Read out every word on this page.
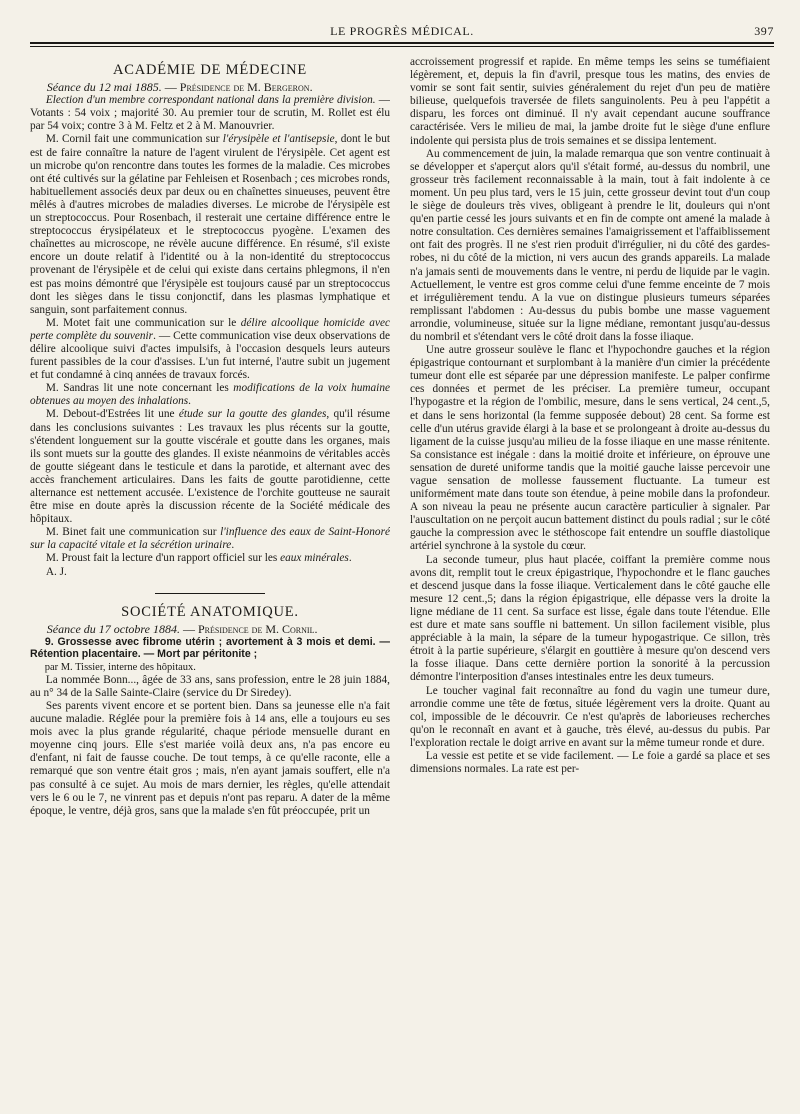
LE PROGRÈS MÉDICAL.	397
ACADÉMIE DE MÉDECINE

Séance du 12 mai 1885. — Présidence de M. Bergeron.

Election d'un membre correspondant national dans la première division. — Votants : 54 voix ; majorité 30. Au premier tour de scrutin, M. Rollet est élu par 54 voix; contre 3 à M. Feltz et 2 à M. Manouvrier.

M. Cornil fait une communication sur l'érysipèle et l'antisepsie, dont le but est de faire connaître la nature de l'agent virulent de l'érysipèle. Cet agent est un microbe qu'on rencontre dans toutes les formes de la maladie. Ces microbes ont été cultivés sur la gélatine par Fehleisen et Rosenbach ; ces microbes ronds, habituellement associés deux par deux ou en chaînettes sinueuses, peuvent être mêlés à d'autres microbes de maladies diverses. Le microbe de l'érysipèle est un streptococcus. Pour Rosenbach, il resterait une certaine différence entre le streptococcus érysipélateux et le streptococcus pyogène. L'examen des chaînettes au microscope, ne révèle aucune différence. En résumé, s'il existe encore un doute relatif à l'identité ou à la non-identité du streptococcus provenant de l'érysipèle et de celui qui existe dans certains phlegmons, il n'en est pas moins démontré que l'érysipèle est toujours causé par un streptococcus dont les sièges dans le tissu conjonctif, dans les plasmas lymphatique et sanguin, sont parfaitement connus.

M. Motet fait une communication sur le délire alcoolique homicide avec perte complète du souvenir. — Cette communication vise deux observations de délire alcoolique suivi d'actes impulsifs, à l'occasion desquels leurs auteurs furent passibles de la cour d'assises. L'un fut interné, l'autre subit un jugement et fut condamné à cinq années de travaux forcés.

M. Sandras lit une note concernant les modifications de la voix humaine obtenues au moyen des inhalations.

M. Debout-d'Estrées lit une étude sur la goutte des glandes, qu'il résume dans les conclusions suivantes : Les travaux les plus récents sur la goutte, s'étendent longuement sur la goutte viscérale et goutte dans les organes, mais ils sont muets sur la goutte des glandes. Il existe néanmoins de véritables accès de goutte siégeant dans le testicule et dans la parotide, et alternant avec des accès franchement articulaires. Dans les faits de goutte parotidienne, cette alternance est nettement accusée. L'existence de l'orchite goutteuse ne saurait être mise en doute après la discussion récente de la Société médicale des hôpitaux.

M. Binet fait une communication sur l'influence des eaux de Saint-Honoré sur la capacité vitale et la sécrétion urinaire.

M. Proust fait la lecture d'un rapport officiel sur les eaux minérales.

A. J.

SOCIÉTÉ ANATOMIQUE.

Séance du 17 octobre 1884. — Présidence de M. Cornil.

9. Grossesse avec fibrome utérin ; avortement à 3 mois et demi. — Rétention placentaire. — Mort par péritonite ;

par M. Tissier, interne des hôpitaux.

La nommée Bonn..., âgée de 33 ans, sans profession, entre le 28 juin 1884, au n° 34 de la Salle Sainte-Claire (service du Dr Siredey).

Ses parents vivent encore et se portent bien. Dans sa jeunesse elle n'a fait aucune maladie. Réglée pour la première fois à 14 ans, elle a toujours eu ses mois avec la plus grande régularité, chaque période mensuelle durant en moyenne cinq jours. Elle s'est mariée voilà deux ans, n'a pas encore eu d'enfant, ni fait de fausse couche. De tout temps, à ce qu'elle raconte, elle a remarqué que son ventre était gros ; mais, n'en ayant jamais souffert, elle n'a pas consulté à ce sujet. Au mois de mars dernier, les règles, qu'elle attendait vers le 6 ou le 7, ne vinrent pas et depuis n'ont pas reparu. A dater de la même époque, le ventre, déjà gros, sans que la malade s'en fût préoccupée, prit un

accroissement progressif et rapide. En même temps les seins se tuméfiaient légèrement, et, depuis la fin d'avril, presque tous les matins, des envies de vomir se sont fait sentir, suivies généralement du rejet d'un peu de matière bilieuse, quelquefois traversée de filets sanguinolents. Peu à peu l'appétit a disparu, les forces ont diminué. Il n'y avait cependant aucune souffrance caractérisée. Vers le milieu de mai, la jambe droite fut le siège d'une enflure indolente qui persista plus de trois semaines et se dissipa lentement.

Au commencement de juin, la malade remarqua que son ventre continuait à se développer et s'aperçut alors qu'il s'était formé, au-dessus du nombril, une grosseur très facilement reconnaissable à la main, tout à fait indolente à ce moment. Un peu plus tard, vers le 15 juin, cette grosseur devint tout d'un coup le siège de douleurs très vives, obligeant à prendre le lit, douleurs qui n'ont qu'en partie cessé les jours suivants et en fin de compte ont amené la malade à notre consultation. Ces dernières semaines l'amaigrissement et l'affaiblissement ont fait des progrès. Il ne s'est rien produit d'irrégulier, ni du côté des gardes-robes, ni du côté de la miction, ni vers aucun des grands appareils. La malade n'a jamais senti de mouvements dans le ventre, ni perdu de liquide par le vagin. Actuellement, le ventre est gros comme celui d'une femme enceinte de 7 mois et irrégulièrement tendu. A la vue on distingue plusieurs tumeurs séparées remplissant l'abdomen : Au-dessus du pubis bombe une masse vaguement arrondie, volumineuse, située sur la ligne médiane, remontant jusqu'au-dessus du nombril et s'étendant vers le côté droit dans la fosse iliaque.

Une autre grosseur soulève le flanc et l'hypochondre gauches et la région épigastrique contournant et surplombant à la manière d'un cimier la précédente tumeur dont elle est séparée par une dépression manifeste. Le palper confirme ces données et permet de les préciser. La première tumeur, occupant l'hypogastre et la région de l'ombilic, mesure, dans le sens vertical, 24 cent.,5, et dans le sens horizontal (la femme supposée debout) 28 cent. Sa forme est celle d'un utérus gravide élargi à la base et se prolongeant à droite au-dessus du ligament de la cuisse jusqu'au milieu de la fosse iliaque en une masse rénitente. Sa consistance est inégale : dans la moitié droite et inférieure, on éprouve une sensation de dureté uniforme tandis que la moitié gauche laisse percevoir une vague sensation de mollesse faussement fluctuante. La tumeur est uniformément mate dans toute son étendue, à peine mobile dans la profondeur. A son niveau la peau ne présente aucun caractère particulier à signaler. Par l'auscultation on ne perçoit aucun battement distinct du pouls radial ; sur le côté gauche la compression avec le stéthoscope fait entendre un souffle diastolique artériel synchrone à la systole du cœur.

La seconde tumeur, plus haut placée, coiffant la première comme nous avons dit, remplit tout le creux épigastrique, l'hypochondre et le flanc gauches et descend jusque dans la fosse iliaque. Verticalement dans le côté gauche elle mesure 12 cent.,5; dans la région épigastrique, elle dépasse vers la droite la ligne médiane de 11 cent. Sa surface est lisse, égale dans toute l'étendue. Elle est dure et mate sans souffle ni battement. Un sillon facilement visible, plus appréciable à la main, la sépare de la tumeur hypogastrique. Ce sillon, très étroit à la partie supérieure, s'élargit en gouttière à mesure qu'on descend vers la fosse iliaque. Dans cette dernière portion la sonorité à la percussion démontre l'interposition d'anses intestinales entre les deux tumeurs.

Le toucher vaginal fait reconnaître au fond du vagin une tumeur dure, arrondie comme une tête de fœtus, située légèrement vers la droite. Quant au col, impossible de le découvrir. Ce n'est qu'après de laborieuses recherches qu'on le reconnaît en avant et à gauche, très élevé, au-dessus du pubis. Par l'exploration rectale le doigt arrive en avant sur la même tumeur ronde et dure.

La vessie est petite et se vide facilement. — Le foie a gardé sa place et ses dimensions normales. La rate est per-
